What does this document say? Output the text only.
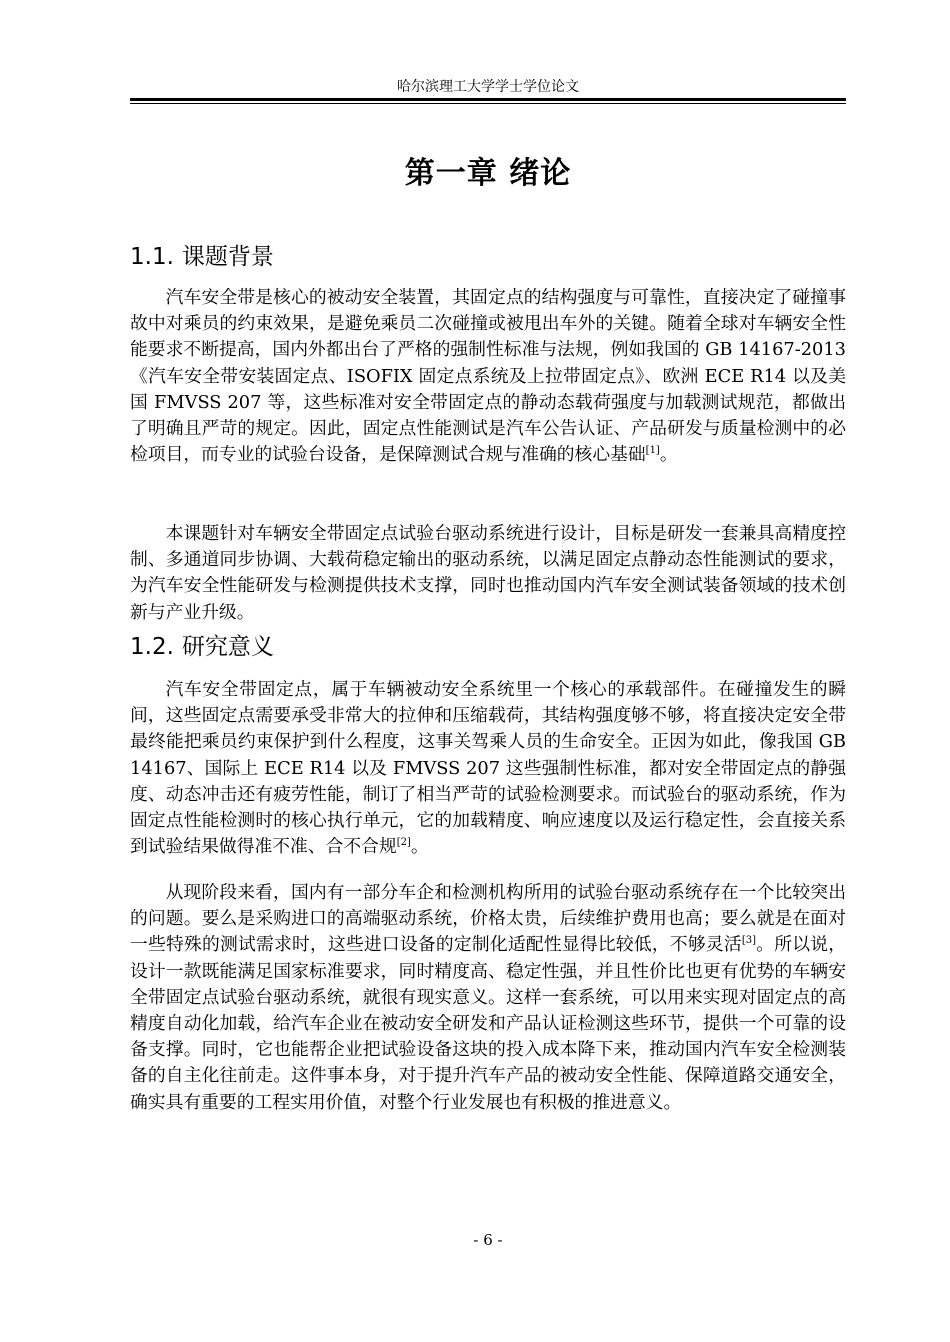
哈尔滨理工大学学士学位论文
第一章 绪论
1.1. 课题背景

汽车安全带是核心的被动安全装置，其固定点的结构强度与可靠性，直接决定了碰撞事故中对乘员的约束效果，是避免乘员二次碰撞或被甩出车外的关键。随着全球对车辆安全性能要求不断提高，国内外都出台了严格的强制性标准与法规，例如我国的 GB 14167-2013《汽车安全带安装固定点、ISOFIX 固定点系统及上拉带固定点》、欧洲 ECE R14 以及美国 FMVSS 207 等，这些标准对安全带固定点的静动态载荷强度与加载测试规范，都做出了明确且严苛的规定。因此，固定点性能测试是汽车公告认证、产品研发与质量检测中的必检项目，而专业的试验台设备，是保障测试合规与准确的核心基础[1]。

本课题针对车辆安全带固定点试验台驱动系统进行设计，目标是研发一套兼具高精度控制、多通道同步协调、大载荷稳定输出的驱动系统，以满足固定点静动态性能测试的要求，为汽车安全性能研发与检测提供技术支撑，同时也推动国内汽车安全测试装备领域的技术创新与产业升级。

1.2. 研究意义

汽车安全带固定点，属于车辆被动安全系统里一个核心的承载部件。在碰撞发生的瞬间，这些固定点需要承受非常大的拉伸和压缩载荷，其结构强度够不够，将直接决定安全带最终能把乘员约束保护到什么程度，这事关驾乘人员的生命安全。正因为如此，像我国 GB 14167、国际上 ECE R14 以及 FMVSS 207 这些强制性标准，都对安全带固定点的静强度、动态冲击还有疲劳性能，制订了相当严苛的试验检测要求。而试验台的驱动系统，作为固定点性能检测时的核心执行单元，它的加载精度、响应速度以及运行稳定性，会直接关系到试验结果做得准不准、合不合规[2]。

从现阶段来看，国内有一部分车企和检测机构所用的试验台驱动系统存在一个比较突出的问题。要么是采购进口的高端驱动系统，价格太贵，后续维护费用也高；要么就是在面对一些特殊的测试需求时，这些进口设备的定制化适配性显得比较低，不够灵活[3]。所以说，设计一款既能满足国家标准要求，同时精度高、稳定性强，并且性价比也更有优势的车辆安全带固定点试验台驱动系统，就很有现实意义。这样一套系统，可以用来实现对固定点的高精度自动化加载，给汽车企业在被动安全研发和产品认证检测这些环节，提供一个可靠的设备支撑。同时，它也能帮企业把试验设备这块的投入成本降下来，推动国内汽车安全检测装备的自主化往前走。这件事本身，对于提升汽车产品的被动安全性能、保障道路交通安全，确实具有重要的工程实用价值，对整个行业发展也有积极的推进意义。

- 6 -
